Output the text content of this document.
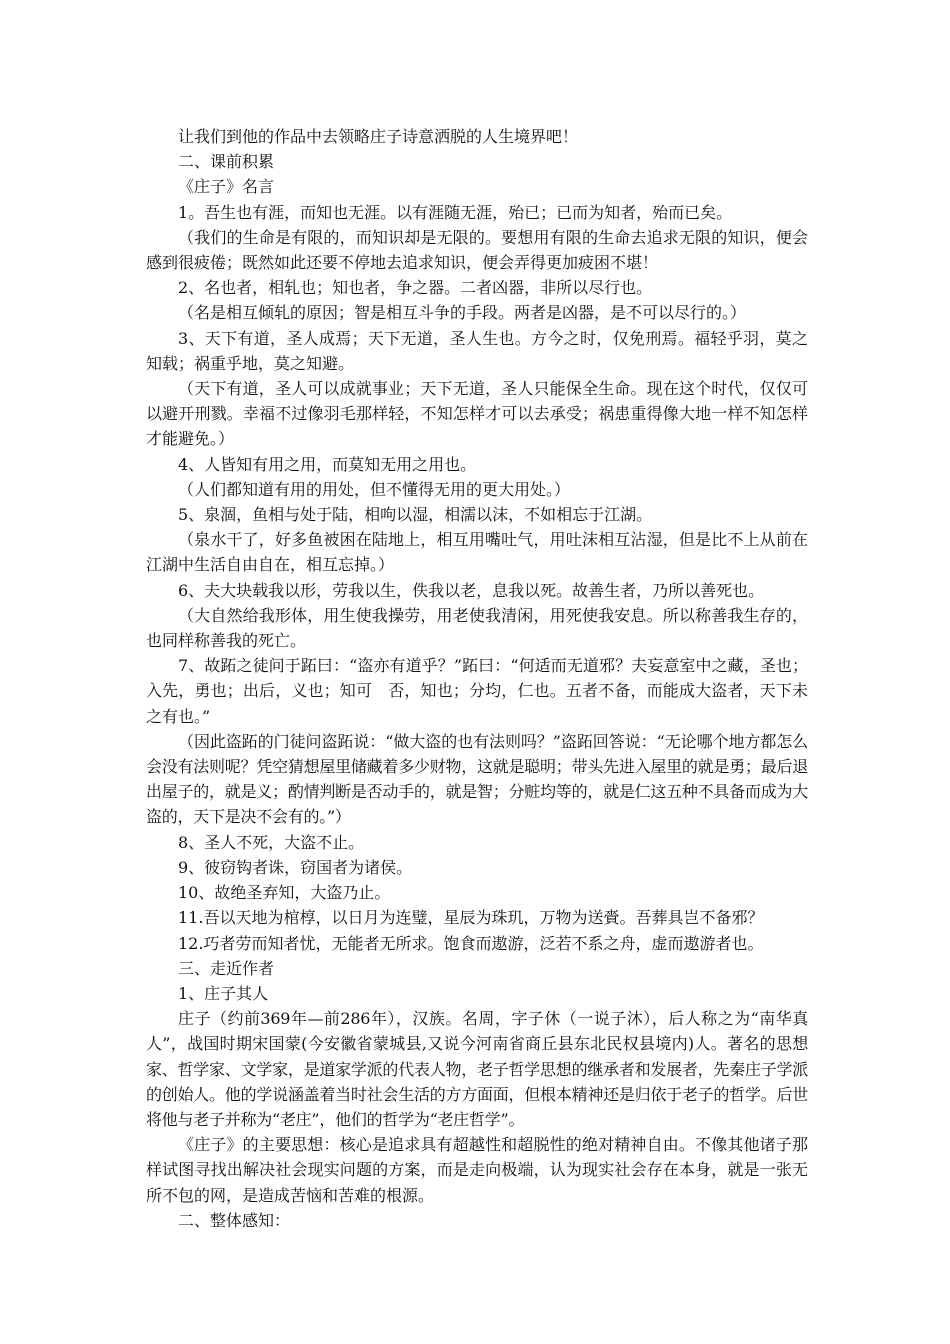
让我们到他的作品中去领略庄子诗意洒脱的人生境界吧！

二、课前积累

《庄子》名言

1。吾生也有涯，而知也无涯。以有涯随无涯，殆已；已而为知者，殆而已矣。

（我们的生命是有限的，而知识却是无限的。要想用有限的生命去追求无限的知识，便会感到很疲倦；既然如此还要不停地去追求知识，便会弄得更加疲困不堪！

2、名也者，相轧也；知也者，争之器。二者凶器，非所以尽行也。

（名是相互倾轧的原因；智是相互斗争的手段。两者是凶器，是不可以尽行的。）

3、天下有道，圣人成焉；天下无道，圣人生也。方今之时，仅免刑焉。福轻乎羽，莫之知载；祸重乎地，莫之知避。

（天下有道，圣人可以成就事业；天下无道，圣人只能保全生命。现在这个时代，仅仅可以避开刑戮。幸福不过像羽毛那样轻，不知怎样才可以去承受；祸患重得像大地一样不知怎样才能避免。）

4、人皆知有用之用，而莫知无用之用也。

（人们都知道有用的用处，但不懂得无用的更大用处。）

5、泉涸，鱼相与处于陆，相呴以湿，相濡以沫，不如相忘于江湖。

（泉水干了，好多鱼被困在陆地上，相互用嘴吐气，用吐沫相互沾湿，但是比不上从前在江湖中生活自由自在，相互忘掉。）

6、夫大块载我以形，劳我以生，佚我以老，息我以死。故善生者，乃所以善死也。

（大自然给我形体，用生使我操劳，用老使我清闲，用死使我安息。所以称善我生存的，也同样称善我的死亡。

7、故跖之徒问于跖曰：“盗亦有道乎？”跖曰：“何适而无道邪？夫妄意室中之藏，圣也；入先，勇也；出后，义也；知可　否，知也；分均，仁也。五者不备，而能成大盗者，天下未之有也。”

（因此盗跖的门徒问盗跖说：“做大盗的也有法则吗？”盗跖回答说：“无论哪个地方都怎么会没有法则呢？凭空猜想屋里储藏着多少财物，这就是聪明；带头先进入屋里的就是勇；最后退出屋子的，就是义；酌情判断是否动手的，就是智；分赃均等的，就是仁这五种不具备而成为大盗的，天下是决不会有的。”）

8、圣人不死，大盗不止。

9、彼窃钩者诛，窃国者为诸侯。

10、故绝圣弃知，大盗乃止。

11.吾以天地为棺椁，以日月为连璧，星辰为珠玑，万物为送賫。吾葬具岂不备邪？

12.巧者劳而知者忧，无能者无所求。饱食而遨游，泛若不系之舟，虚而遨游者也。

三、走近作者

1、庄子其人

庄子（约前369年—前286年），汉族。名周，字子休（一说子沐），后人称之为“南华真人”，战国时期宋国蒙(今安徽省蒙城县,又说今河南省商丘县东北民权县境内)人。著名的思想家、哲学家、文学家，是道家学派的代表人物，老子哲学思想的继承者和发展者，先秦庄子学派的创始人。他的学说涵盖着当时社会生活的方方面面，但根本精神还是归依于老子的哲学。后世将他与老子并称为“老庄”，他们的哲学为“老庄哲学”。

《庄子》的主要思想：核心是追求具有超越性和超脱性的绝对精神自由。不像其他诸子那样试图寻找出解决社会现实问题的方案，而是走向极端，认为现实社会存在本身，就是一张无所不包的网，是造成苦恼和苦难的根源。

二、整体感知：
